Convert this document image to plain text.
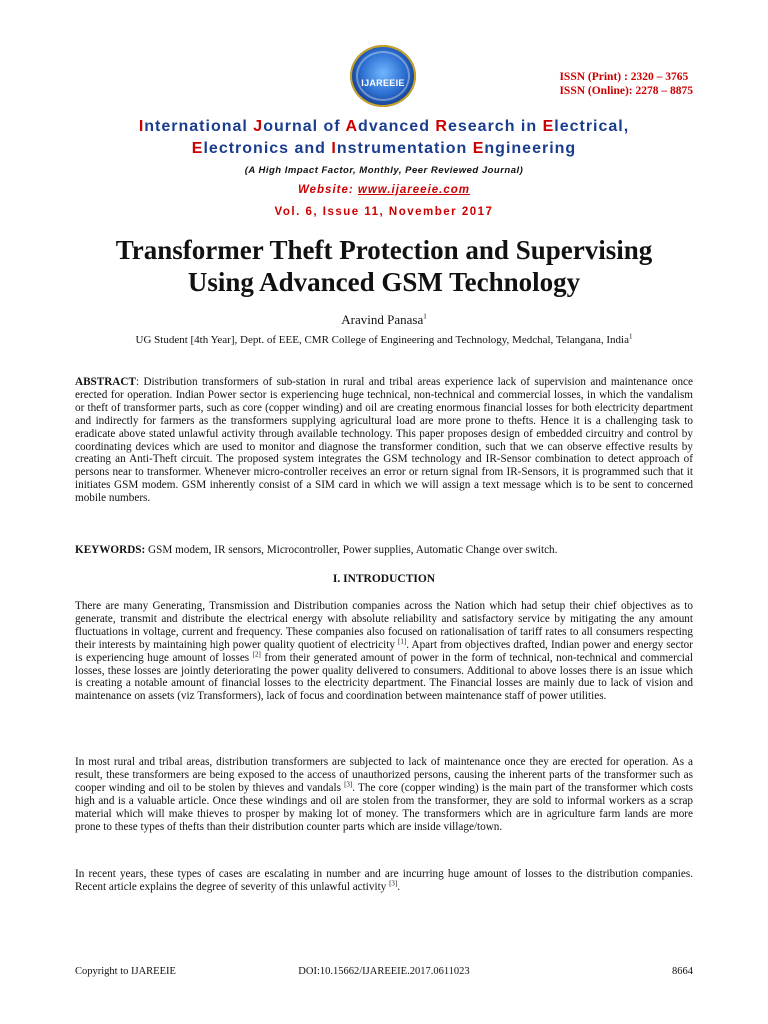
IJAREEIE	ISSN (Print) : 2320 – 3765
ISSN (Online): 2278 – 8875
International Journal of Advanced Research in Electrical,
Electronics and Instrumentation Engineering
(A High Impact Factor, Monthly, Peer Reviewed Journal)
Website: www.ijareeie.com
Vol. 6, Issue 11, November 2017
Transformer Theft Protection and Supervising
Using Advanced GSM Technology
Aravind Panasa$^1$
UG Student [4th Year], Dept. of EEE, CMR College of Engineering and Technology, Medchal, Telangana, India$^1$
ABSTRACT: Distribution transformers of sub-station in rural and tribal areas experience lack of supervision and maintenance once erected for operation. Indian Power sector is experiencing huge technical, non-technical and commercial losses, in which the vandalism or theft of transformer parts, such as core (copper winding) and oil are creating enormous financial losses for both electricity department and indirectly for farmers as the transformers supplying agricultural load are more prone to thefts. Hence it is a challenging task to eradicate above stated unlawful activity through available technology. This paper proposes design of embedded circuitry and control by coordinating devices which are used to monitor and diagnose the transformer condition, such that we can observe effective results by creating an Anti-Theft circuit. The proposed system integrates the GSM technology and IR-Sensor combination to detect approach of persons near to transformer. Whenever micro-controller receives an error or return signal from IR-Sensors, it is programmed such that it initiates GSM modem. GSM inherently consist of a SIM card in which we will assign a text message which is to be sent to concerned mobile numbers.
KEYWORDS: GSM modem, IR sensors, Microcontroller, Power supplies, Automatic Change over switch.
I. INTRODUCTION
There are many Generating, Transmission and Distribution companies across the Nation which had setup their chief objectives as to generate, transmit and distribute the electrical energy with absolute reliability and satisfactory service by mitigating the any amount fluctuations in voltage, current and frequency. These companies also focused on rationalisation of tariff rates to all consumers respecting their interests by maintaining high power quality quotient of electricity [1]. Apart from objectives drafted, Indian power and energy sector is experiencing huge amount of losses [2] from their generated amount of power in the form of technical, non-technical and commercial losses, these losses are jointly deteriorating the power quality delivered to consumers. Additional to above losses there is an issue which is creating a notable amount of financial losses to the electricity department. The Financial losses are mainly due to lack of vision and maintenance on assets (viz Transformers), lack of focus and coordination between maintenance staff of power utilities.
In most rural and tribal areas, distribution transformers are subjected to lack of maintenance once they are erected for operation. As a result, these transformers are being exposed to the access of unauthorized persons, causing the inherent parts of the transformer such as cooper winding and oil to be stolen by thieves and vandals [3]. The core (copper winding) is the main part of the transformer which costs high and is a valuable article. Once these windings and oil are stolen from the transformer, they are sold to informal workers as a scrap material which will make thieves to prosper by making lot of money. The transformers which are in agriculture farm lands are more prone to these types of thefts than their distribution counter parts which are inside village/town.
In recent years, these types of cases are escalating in number and are incurring huge amount of losses to the distribution companies. Recent article explains the degree of severity of this unlawful activity [3].
Copyright to IJAREEIE	DOI:10.15662/IJAREEIE.2017.0611023	8664
